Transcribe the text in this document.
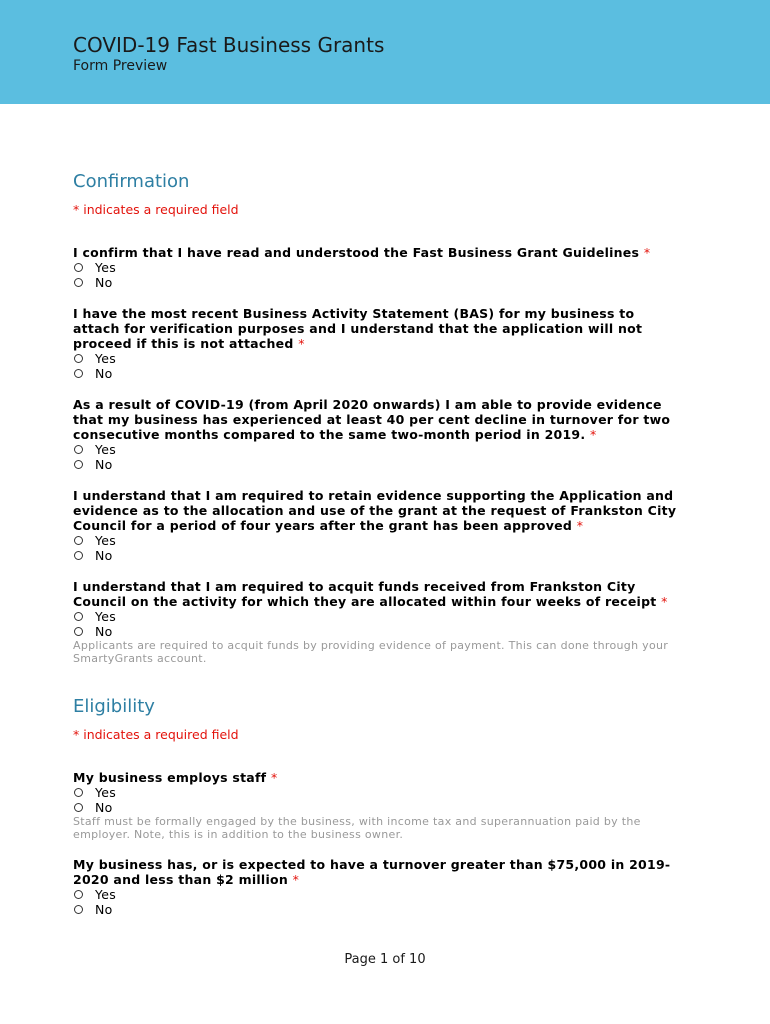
COVID-19 Fast Business Grants
Form Preview
Confirmation
* indicates a required field
I confirm that I have read and understood the Fast Business Grant Guidelines *
Yes
No
I have the most recent Business Activity Statement (BAS) for my business to attach for verification purposes and I understand that the application will not proceed if this is not attached *
Yes
No
As a result of COVID-19 (from April 2020 onwards) I am able to provide evidence that my business has experienced at least 40 per cent decline in turnover for two consecutive months compared to the same two-month period in 2019. *
Yes
No
I understand that I am required to retain evidence supporting the Application and evidence as to the allocation and use of the grant at the request of Frankston City Council for a period of four years after the grant has been approved *
Yes
No
I understand that I am required to acquit funds received from Frankston City Council on the activity for which they are allocated within four weeks of receipt *
Yes
No
Applicants are required to acquit funds by providing evidence of payment. This can done through your SmartyGrants account.
Eligibility
* indicates a required field
My business employs staff *
Yes
No
Staff must be formally engaged by the business, with income tax and superannuation paid by the employer. Note, this is in addition to the business owner.
My business has, or is expected to have a turnover greater than $75,000 in 2019-2020 and less than $2 million *
Yes
No
Page 1 of 10
